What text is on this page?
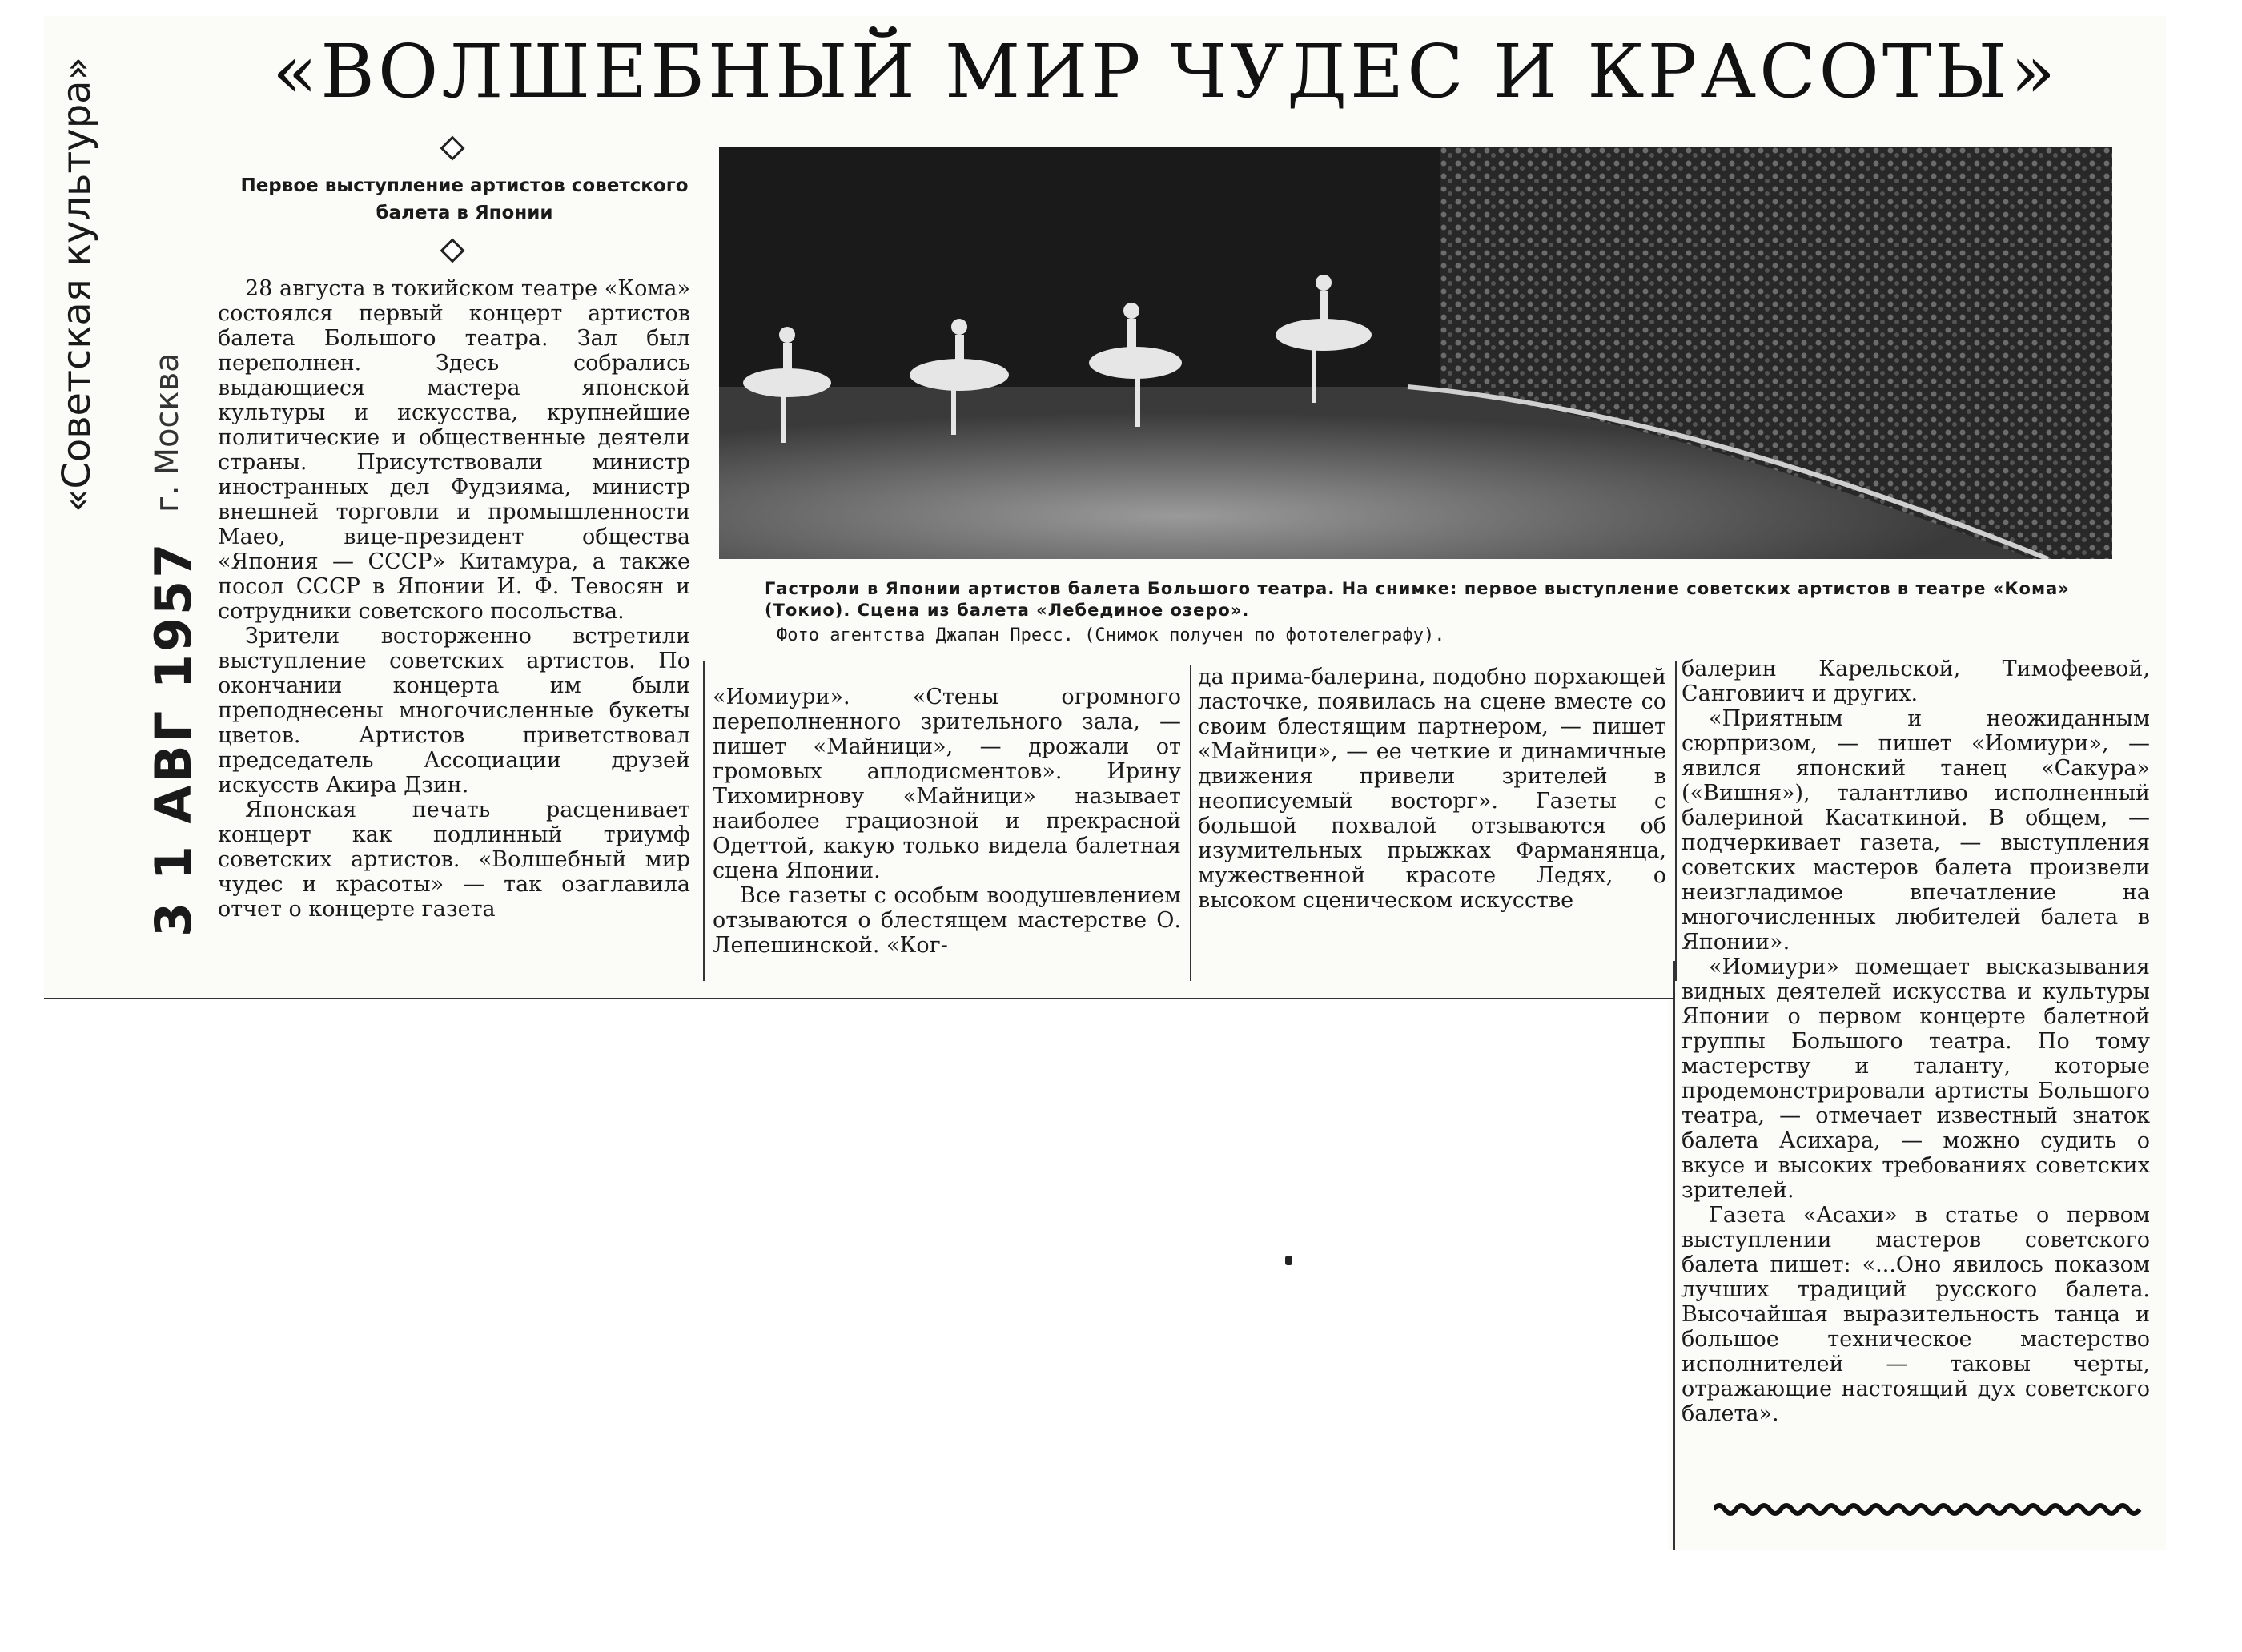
«ВОЛШЕБНЫЙ МИР ЧУДЕС И КРАСОТЫ»
Первое выступление артистов советского балета в Японии
«Советская культура» г. Москва
3 1 АВГ 1957	Гастроли в Японии артистов балета Большого театра. На снимке: первое выступление советских артистов в театре «Кома» (Токио). Сцена из балета «Лебединое озеро».
Фото агентства Джапан Пресс. (Снимок получен по фототелеграфу).

28 августа в токийском театре «Кома» состоялся первый концерт артистов балета Большого театра. Зал был переполнен. Здесь собрались выдающиеся мастера японской культуры и искусства, крупнейшие политические и общественные деятели страны. Присутствовали министр иностранных дел Фудзияма, министр внешней торговли и промышленности Маео, вице-президент общества «Япония — СССР» Китамура, а также посол СССР в Японии И. Ф. Тевосян и сотрудники советского посольства.

Зрители восторженно встретили выступление советских артистов. По окончании концерта им были преподнесены многочисленные букеты цветов. Артистов приветствовал председатель Ассоциации друзей искусств Акира Дзин.

Японская печать расценивает концерт как подлинный триумф советских артистов. «Волшебный мир чудес и красоты» — так озаглавила отчет о концерте газета

«Иомиури». «Стены огромного переполненного зрительного зала, — пишет «Майници», — дрожали от громовых аплодисментов». Ирину Тихомирнову «Майници» называет наиболее грациозной и прекрасной Одеттой, какую только видела балетная сцена Японии.

Все газеты с особым воодушевлением отзываются о блестящем мастерстве О. Лепешинской. «Ког-

да прима-балерина, подобно порхающей ласточке, появилась на сцене вместе со своим блестящим партнером, — пишет «Майници», — ее четкие и динамичные движения привели зрителей в неописуемый восторг». Газеты с большой похвалой отзываются об изумительных прыжках Фарманянца, мужественной красоте Ледях, о высоком сценическом искусстве

балерин Карельской, Тимофеевой, Санговиич и других.

«Приятным и неожиданным сюрпризом, — пишет «Иомиури», — явился японский танец «Сакура» («Вишня»), талантливо исполненный балериной Касаткиной. В общем, — подчеркивает газета, — выступления советских мастеров балета произвели неизгладимое впечатление на многочисленных любителей балета в Японии».

«Иомиури» помещает высказывания видных деятелей искусства и культуры Японии о первом концерте балетной группы Большого театра. По тому мастерству и таланту, которые продемонстрировали артисты Большого театра, — отмечает известный знаток балета Асихара, — можно судить о вкусе и высоких требованиях советских зрителей.

Газета «Асахи» в статье о первом выступлении мастеров советского балета пишет: «...Оно явилось показом лучших традиций русского балета. Высочайшая выразительность танца и большое техническое мастерство исполнителей — таковы черты, отражающие настоящий дух советского балета».
